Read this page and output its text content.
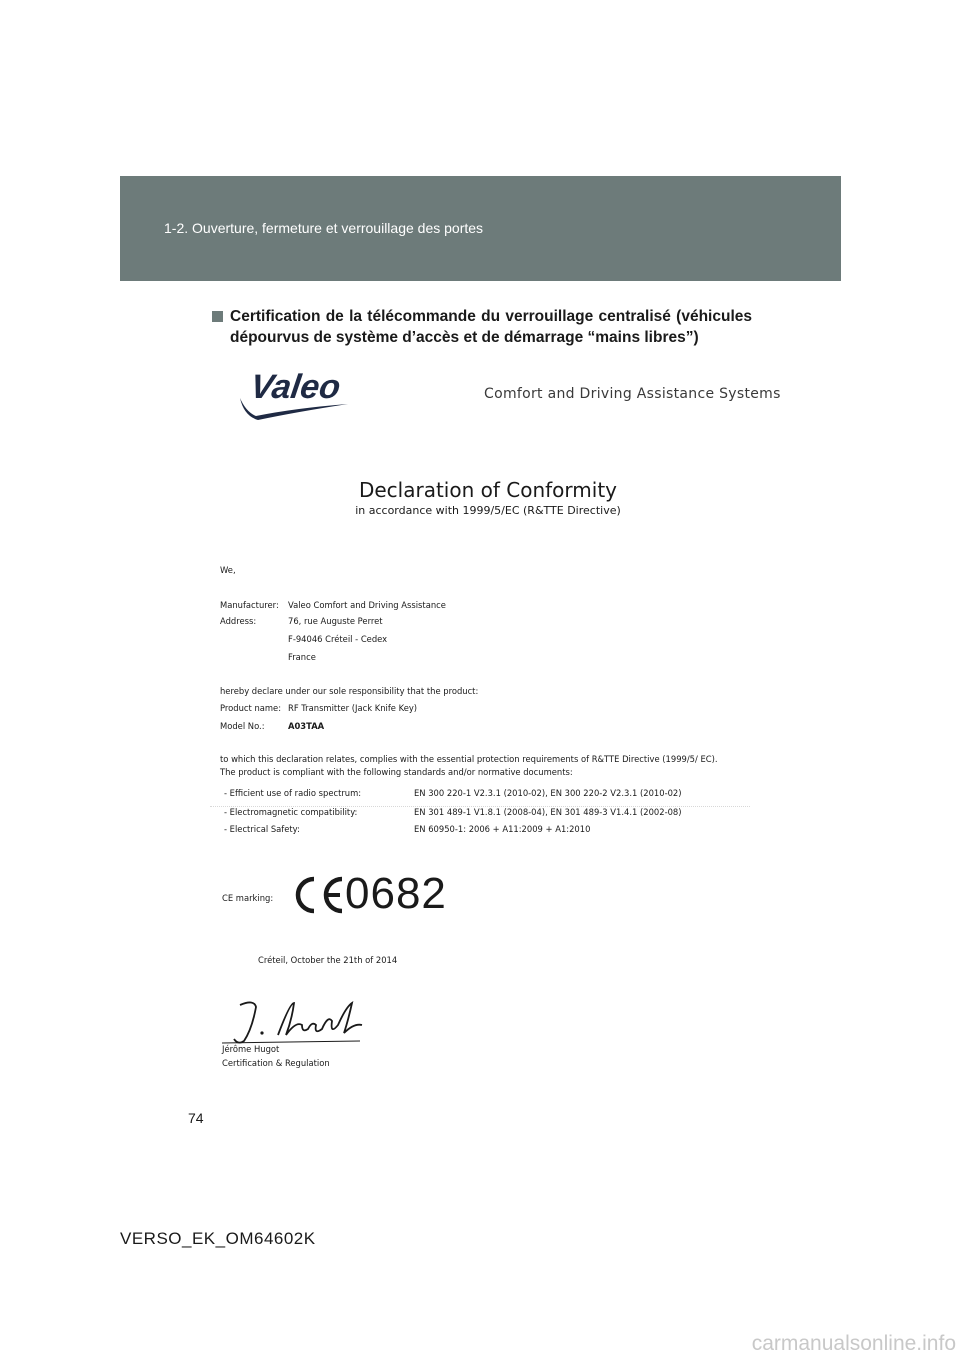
1-2. Ouverture, fermeture et verrouillage des portes
Certification de la télécommande du verrouillage centralisé (véhicules
dépourvus de système d’accès et de démarrage “mains libres”)
Valeo	Comfort and Driving Assistance Systems
Declaration of Conformity
in accordance with 1999/5/EC (R&TTE Directive)
We,
Manufacturer: Valeo Comfort and Driving Assistance
Address:	76, rue Auguste Perret
F-94046 Créteil - Cedex
France
hereby declare under our sole responsibility that the product:
Product name: RF Transmitter (Jack Knife Key)
Model No.:	A03TAA
to which this declaration relates, complies with the essential protection requirements of R&TTE Directive (1999/5/ EC).
The product is compliant with the following standards and/or normative documents:
- Efficient use of radio spectrum:	EN 300 220-1 V2.3.1 (2010-02), EN 300 220-2 V2.3.1 (2010-02)
- Electromagnetic compatibility:	EN 301 489-1 V1.8.1 (2008-04), EN 301 489-3 V1.4.1 (2002-08)
- Electrical Safety:	EN 60950-1: 2006 + A11:2009 + A1:2010
CE marking: 0682
Créteil, October the 21th of 2014
Jérôme Hugot
Certification & Regulation
74
VERSO_EK_OM64602K
carmanualsonline.info
